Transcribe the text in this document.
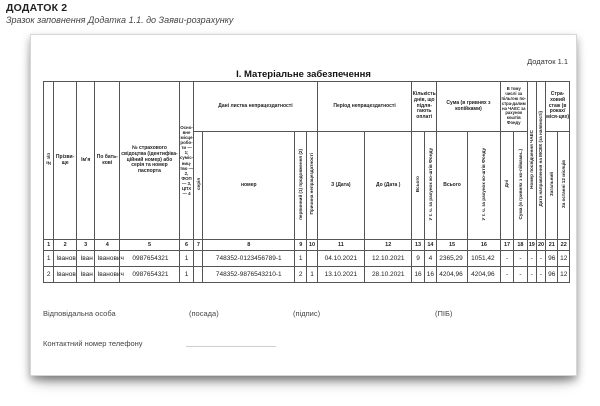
ДОДАТОК 2
Зразок заповнення Додатка 1.1. до Заяви-розрахунку
Додаток 1.1
I. Матеріальне забезпечення
№ з/п	Прізви-ще	Ім'я	По бать-кові	№ страхового свідоцтва (ідентифіка-ційний номер) або серія та номер паспорта	Осно-вне місце робо-ти — 1; суміс-ниц-тво — 2, ФОП — 3, ЦПХ — 4	Дані листка непрацездатності				Період непрацездатності		Кількість днів, що підля-гають оплаті		Сума (в гривнях з копійками)		В тому числі за пільгою по-стра-далим на ЧАЕС за рахунок коштів Фонду		Номер посвідчення ЧАЕС	Дата направлення на МСЕК (за наявності)	Стра-ховий стаж (в роках/ міся-цях)	
						серія	номер	первинний (1) продовження (2)	Причина непрацездатності	З (Дата)	До (Дата )	Всього	У т. ч. за рахунок ко-штів Фонду	Всього	У т. ч. за рахунок ко-штів Фонду	Дні	Сума (в гривнях з ко-пійками..)			Загальний	За останні 12 місяців
1	2	3	4	5	6	7	8	9	10	11	12	13	14	15	16	17	18	19	20	21	22
1	Іванов	Іван	Іванович	0987654321	1		748352-0123456789-1	1		04.10.2021	12.10.2021	9	4	2365,29	1051,42	-	-	-	-	96	12
2	Іванов	Іван	Іванович	0987654321	1		748352-9876543210-1	2	1	13.10.2021	28.10.2021	16	16	4204,96	4204,96	-	-	-	-	96	12
Відповідальна особа	(посада)	(підпис)	(ПІБ)
Контактний номер телефону
